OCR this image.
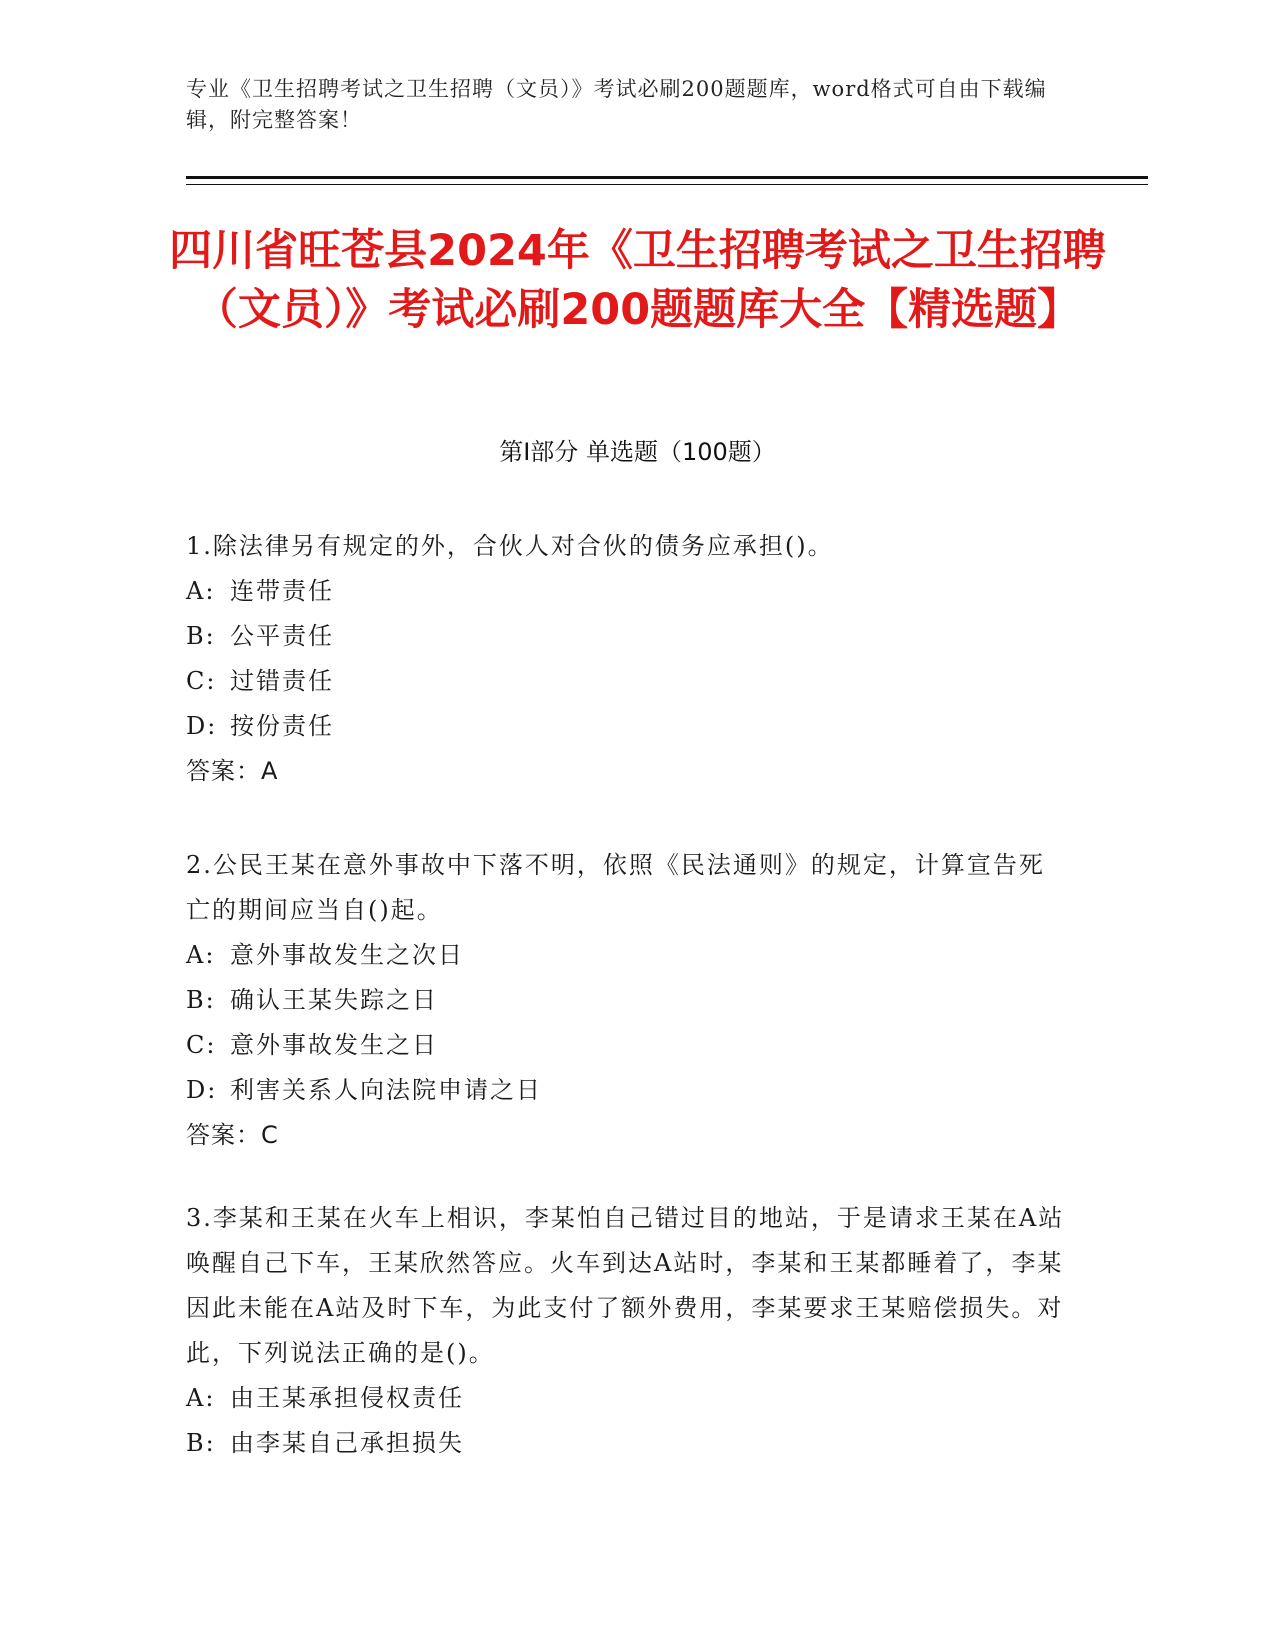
专业《卫生招聘考试之卫生招聘（文员）》考试必刷200题题库，word格式可自由下载编辑，附完整答案！
四川省旺苍县2024年《卫生招聘考试之卫生招聘（文员）》考试必刷200题题库大全【精选题】
第Ⅰ部分 单选题（100题）
1.除法律另有规定的外，合伙人对合伙的债务应承担()。
A: 连带责任
B: 公平责任
C: 过错责任
D: 按份责任
答案：A
2.公民王某在意外事故中下落不明，依照《民法通则》的规定，计算宣告死亡的期间应当自()起。
A: 意外事故发生之次日
B: 确认王某失踪之日
C: 意外事故发生之日
D: 利害关系人向法院申请之日
答案：C
3.李某和王某在火车上相识，李某怕自己错过目的地站，于是请求王某在A站唤醒自己下车，王某欣然答应。火车到达A站时，李某和王某都睡着了，李某因此未能在A站及时下车，为此支付了额外费用，李某要求王某赔偿损失。对此，下列说法正确的是()。
A: 由王某承担侵权责任
B: 由李某自己承担损失
